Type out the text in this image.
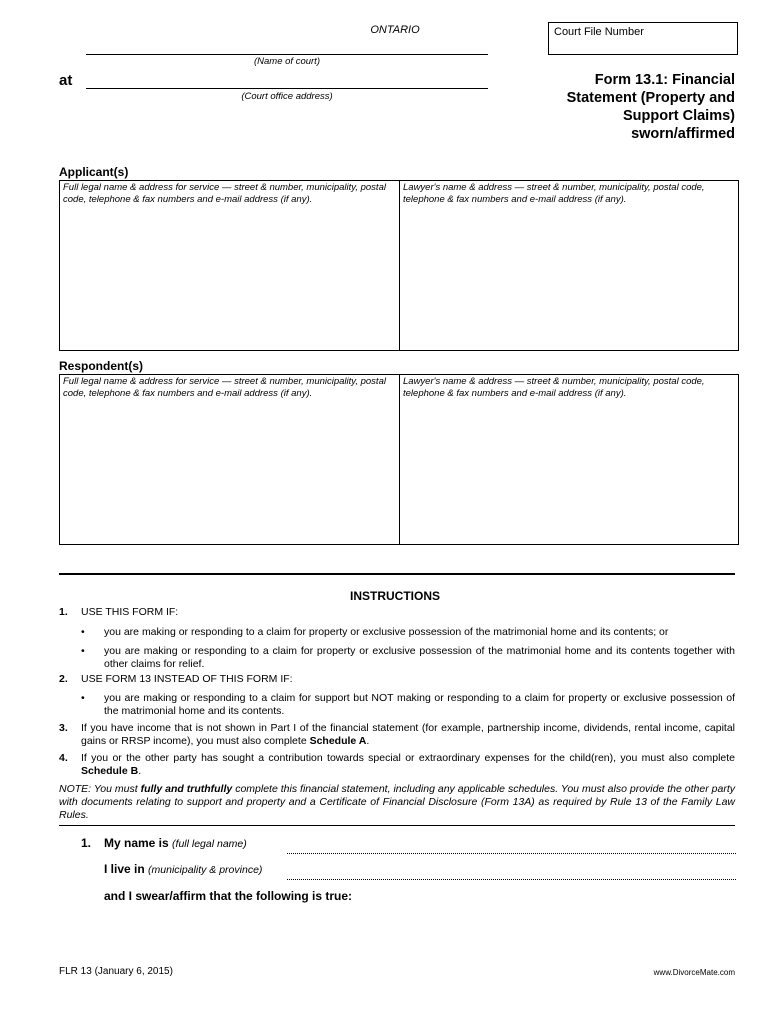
ONTARIO	Court File Number
(Name of court)
at
(Court office address)
Form 13.1: Financial
Statement (Property and
Support Claims)
sworn/affirmed
Applicant(s)
Full legal name & address for service — street & number, municipality, postal code, telephone & fax numbers and e-mail address (if any).
Lawyer's name & address — street & number, municipality, postal code, telephone & fax numbers and e-mail address (if any).
Respondent(s)
Full legal name & address for service — street & number, municipality, postal code, telephone & fax numbers and e-mail address (if any).
Lawyer's name & address — street & number, municipality, postal code, telephone & fax numbers and e-mail address (if any).
INSTRUCTIONS
1.	USE THIS FORM IF:
•	you are making or responding to a claim for property or exclusive possession of the matrimonial home and its contents; or
•	you are making or responding to a claim for property or exclusive possession of the matrimonial home and its contents together with other claims for relief.
2.	USE FORM 13 INSTEAD OF THIS FORM IF:
•	you are making or responding to a claim for support but NOT making or responding to a claim for property or exclusive possession of the matrimonial home and its contents.
3.	If you have income that is not shown in Part I of the financial statement (for example, partnership income, dividends, rental income, capital gains or RRSP income), you must also complete Schedule A.
4.	If you or the other party has sought a contribution towards special or extraordinary expenses for the child(ren), you must also complete Schedule B.
NOTE: You must fully and truthfully complete this financial statement, including any applicable schedules. You must also provide the other party with documents relating to support and property and a Certificate of Financial Disclosure (Form 13A) as required by Rule 13 of the Family Law Rules.
1. My name is (full legal name)
I live in (municipality & province)
and I swear/affirm that the following is true:
FLR 13 (January 6, 2015)	www.DivorceMate.com
